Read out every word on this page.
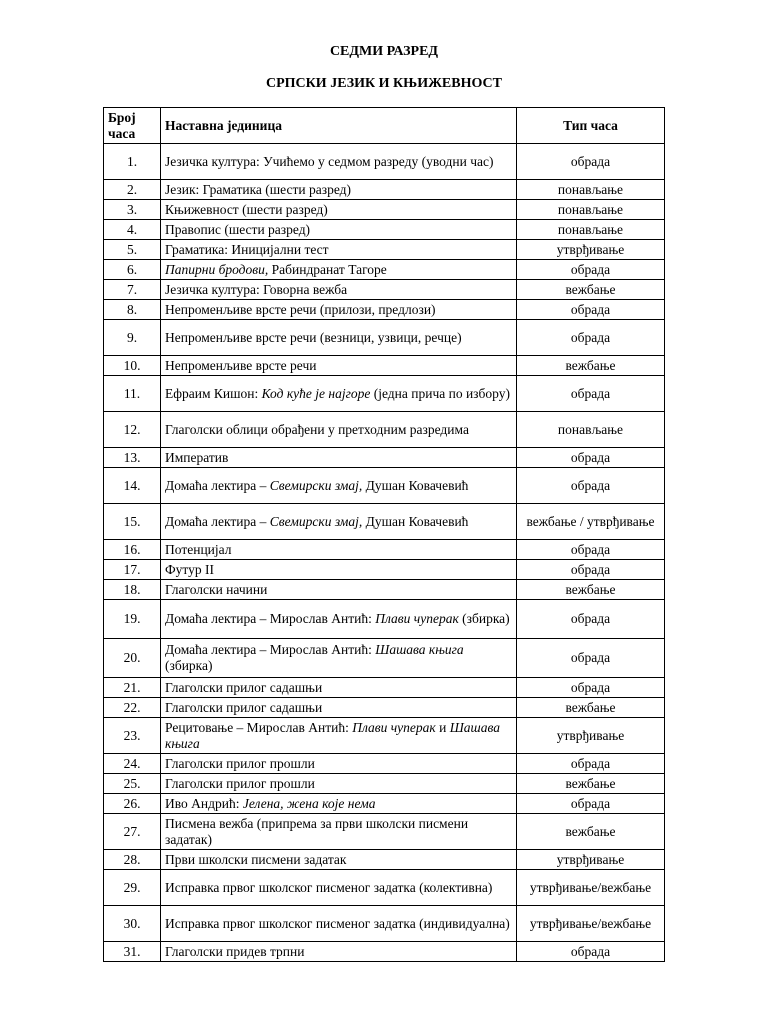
СЕДМИ РАЗРЕД
СРПСКИ ЈЕЗИК И КЊИЖЕВНОСТ
Број часа	Наставна јединица	Тип часа
1.	Језичка култура: Учићемо у седмом разреду (уводни час)	обрада
2.	Језик: Граматика (шести разред)	понављање
3.	Књижевност (шести разред)	понављање
4.	Правопис (шести разред)	понављање
5.	Граматика: Иницијални тест	утврђивање
6.	Папирни бродови, Рабиндранат Тагоре	обрада
7.	Језичка култура: Говорна вежба	вежбање
8.	Непроменљиве врсте речи (прилози, предлози)	обрада
9.	Непроменљиве врсте речи (везници, узвици, речце)	обрада
10.	Непроменљиве врсте речи	вежбање
11.	Ефраим Кишон: Код куће је најгоре (једна прича по избору)	обрада
12.	Глаголски облици обрађени у претходним разредима	понављање
13.	Императив	обрада
14.	Домаћа лектира – Свемирски змај, Душан Ковачевић	обрада
15.	Домаћа лектира – Свемирски змај, Душан Ковачевић	вежбање / утврђивање
16.	Потенцијал	обрада
17.	Футур II	обрада
18.	Глаголски начини	вежбање
19.	Домаћа лектира – Мирослав Антић: Плави чуперак (збирка)	обрада
20.	Домаћа лектира – Мирослав Антић: Шашава књига (збирка)	обрада
21.	Глаголски прилог садашњи	обрада
22.	Глаголски прилог садашњи	вежбање
23.	Рецитовање – Мирослав Антић: Плави чуперак и Шашава књига	утврђивање
24.	Глаголски прилог прошли	обрада
25.	Глаголски прилог прошли	вежбање
26.	Иво Андрић: Јелена, жена које нема	обрада
27.	Писмена вежба (припрема за први школски писмени задатак)	вежбање
28.	Први школски писмени задатак	утврђивање
29.	Исправка првог школског писменог задатка (колективна)	утврђивање/вежбање
30.	Исправка првог школског писменог задатка (индивидуална)	утврђивање/вежбање
31.	Глаголски придев трпни	обрада
